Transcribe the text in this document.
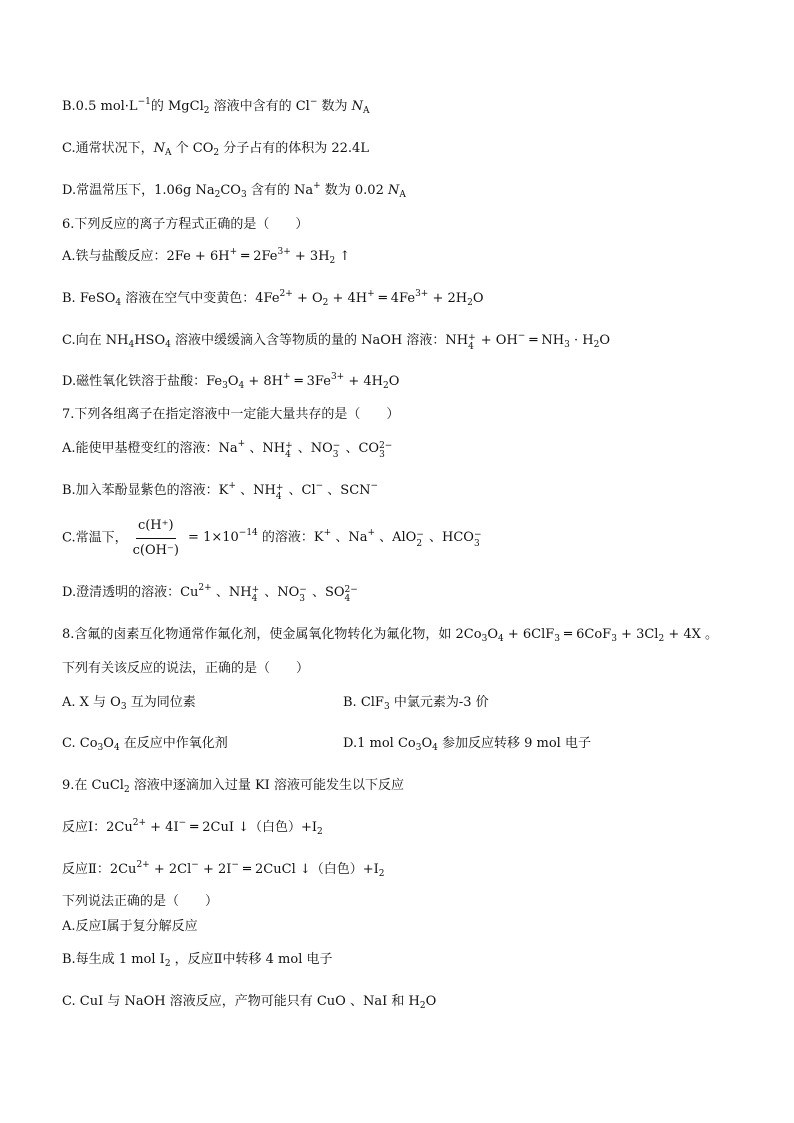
B.0.5 $mol\cdot L^{-1}$的 MgCl$_2$ 溶液中含有的 Cl− 数为 $N_A$
C.通常状况下，$N_A$ 个 $CO_2$ 分子占有的体积为 22.4L
D.常温常压下，1.06g $Na_2CO_3$ 含有的 Na+ 数为 0.02 $N_A$
6.下列反应的离子方程式正确的是（　　）
A.铁与盐酸反应：2Fe + 6H+ ═ $2Fe^{3+} + 3H_2$ ↑
B. FeSO$_4$ 溶液在空气中变黄色：$4Fe^{2+} + O_2 + 4H^+$ ═ $4Fe^{3+} + 2H_2O$
C.向在 $NH_4HSO_4$ 溶液中缓缓滴入含等物质的量的 NaOH 溶液：NH +
4 + OH− ═ $NH_3 \cdot H_2O$
D.磁性氧化铁溶于盐酸：$Fe_3O_4 + 8H^+$ ═ $3Fe^{3+} + 4H_2O$
7.下列各组离子在指定溶液中一定能大量共存的是（　　）
A.能使甲基橙变红的溶液：Na+ 、NH +
4 、NO −
3 、CO 2−
3
B.加入苯酚显紫色的溶液：K+ 、NH +
4 、Cl− 、SCN−
C.常温下， $\frac{c(H^+)}{c(OH^-)} = 1\times 10^{-14}$ 的溶液：K+ 、Na+ 、AlO −
2 、HCO −
3
D.澄清透明的溶液：$Cu^{2+}$ 、NH +
4 、NO −
3 、SO 2−
4
8.含氟的卤素互化物通常作氟化剂，使金属氧化物转化为氟化物，如 $2Co_3O_4 + 6ClF_3$ ═ $6CoF_3 + 3Cl_2 + 4X$ 。
下列有关该反应的说法，正确的是（　　）
A. X 与 $O_3$ 互为同位素	B. ClF$_3$ 中氯元素为-3 价
C. $Co_3O_4$ 在反应中作氧化剂	D.1 mol $Co_3O_4$ 参加反应转移 9 mol 电子
9.在 CuCl$_2$ 溶液中逐滴加入过量 KI 溶液可能发生以下反应
反应Ⅰ：$2Cu^{2+} + 4I^-$ ═ 2CuI ↓（白色）$+I_2$
反应Ⅱ：$2Cu^{2+} + 2Cl^- + 2I^-$ ═ 2CuCl ↓（白色）$+I_2$
下列说法正确的是（　　）
A.反应Ⅰ属于复分解反应
B.每生成 1 mol $I_2$ ，反应Ⅱ中转移 4 mol 电子
C. CuI 与 NaOH 溶液反应，产物可能只有 CuO 、NaI 和 $H_2O$
